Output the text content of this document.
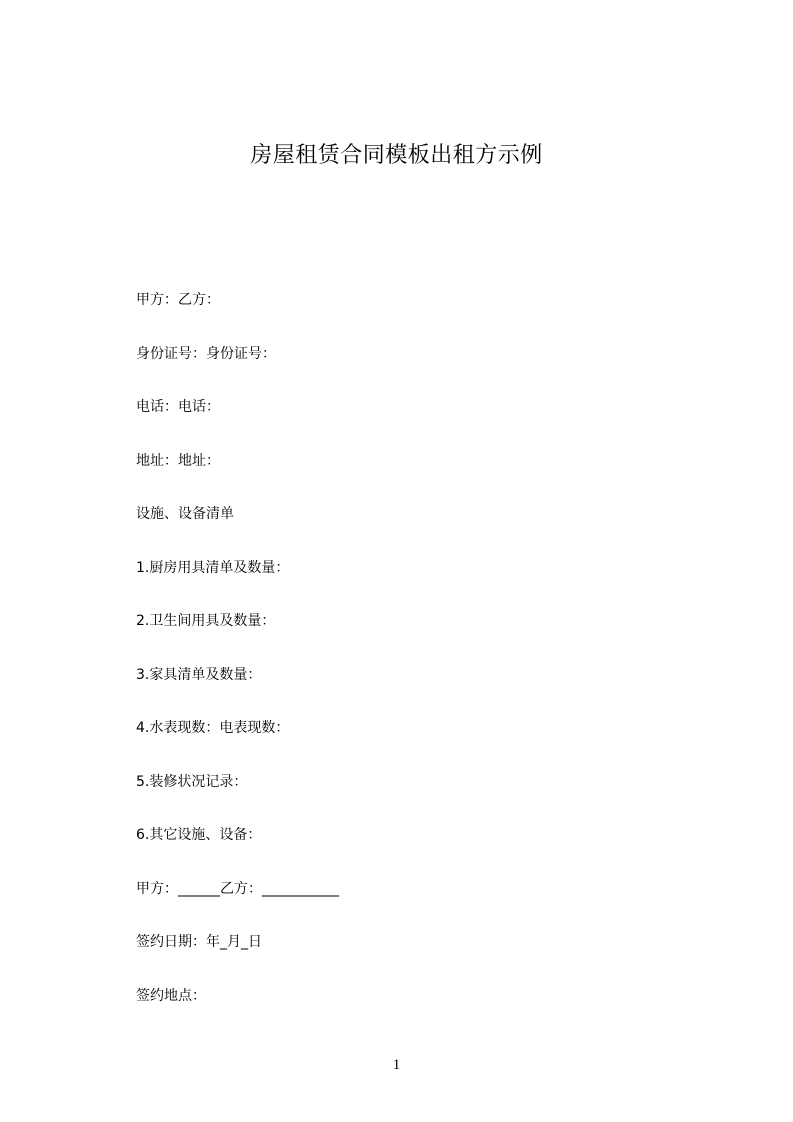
房屋租赁合同模板出租方示例
甲方：乙方：
身份证号：身份证号：
电话：电话：
地址：地址：
设施、设备清单
1.厨房用具清单及数量：
2.卫生间用具及数量：
3.家具清单及数量：
4.水表现数：电表现数：
5.装修状况记录：
6.其它设施、设备：
甲方：______乙方：___________
签约日期：年_月_日
签约地点：
1
